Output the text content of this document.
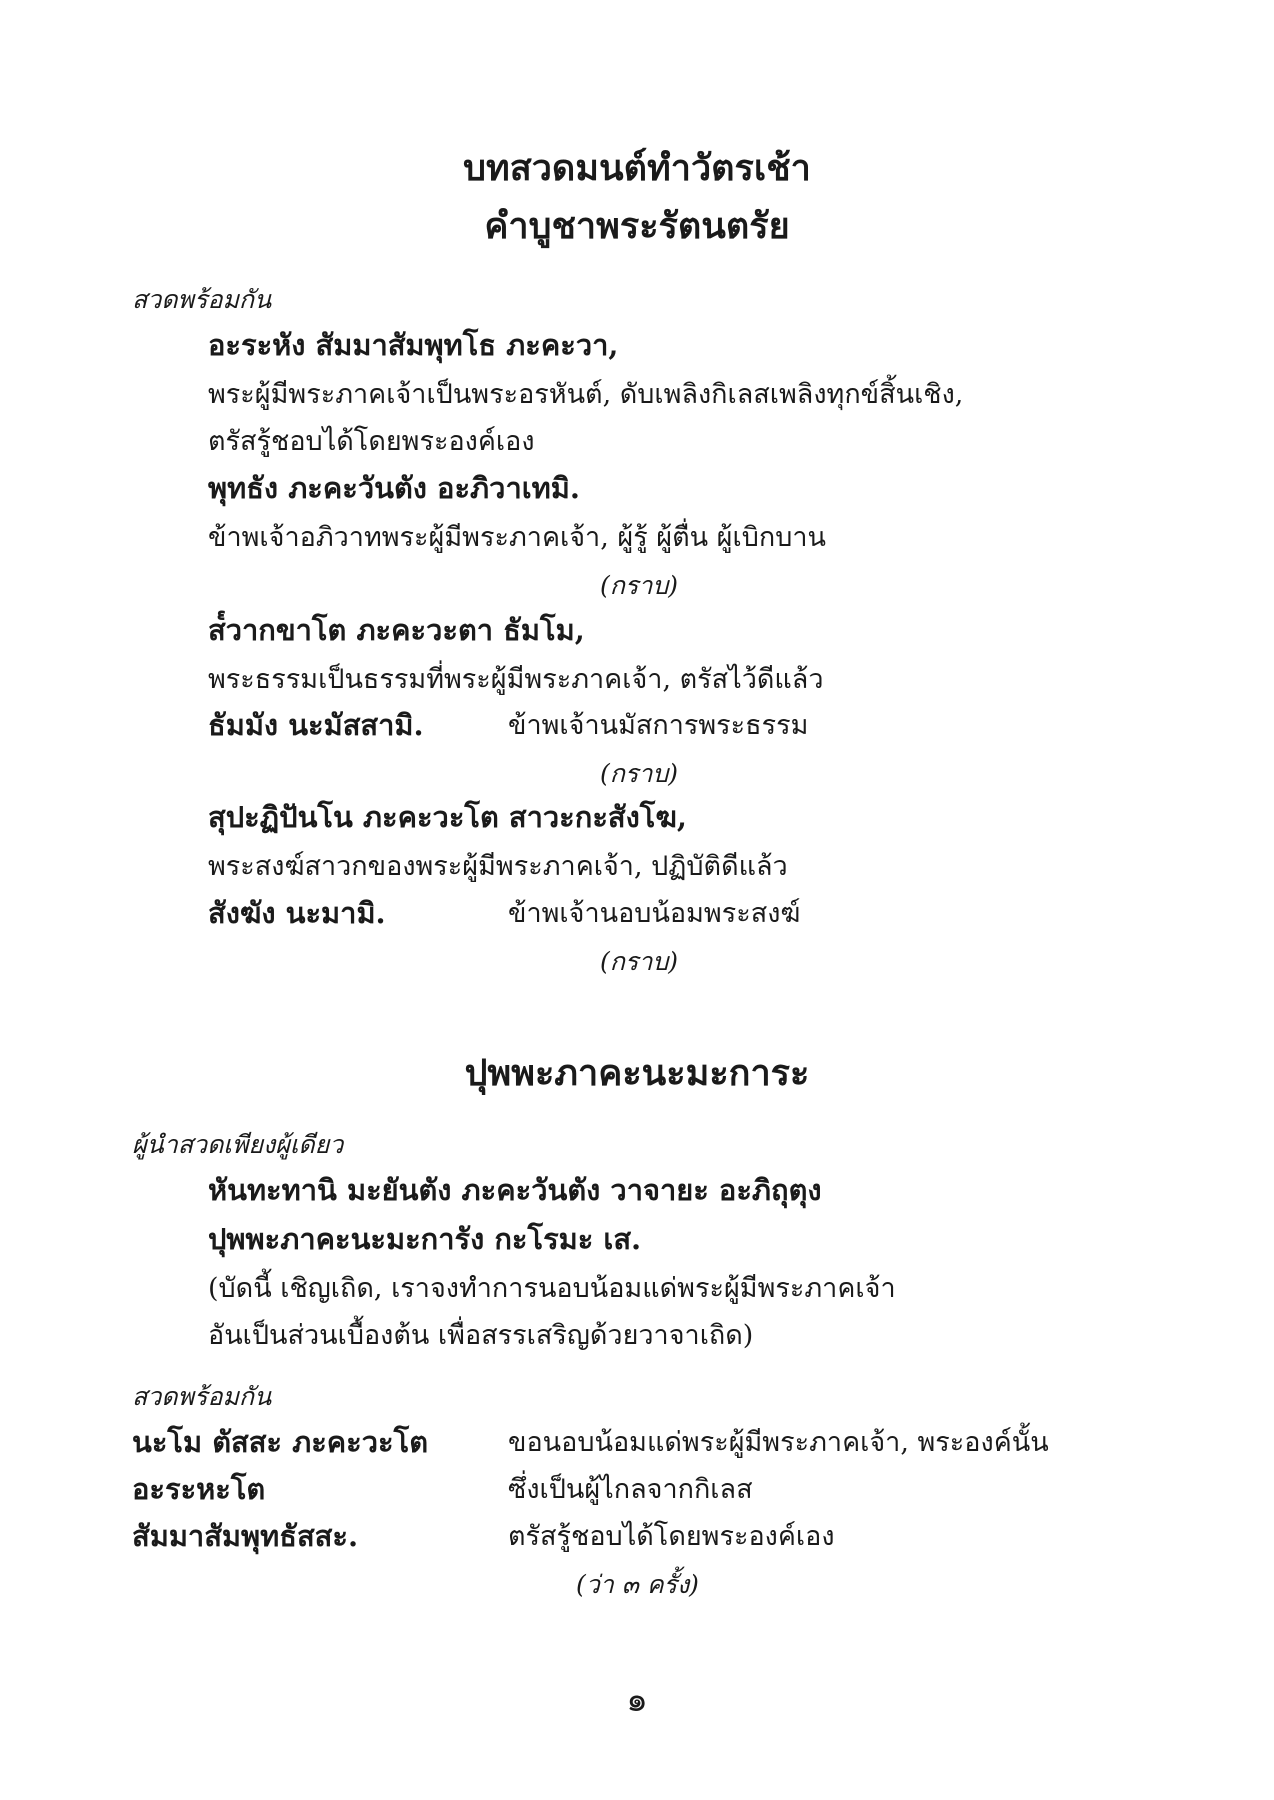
บทสวดมนต์ทำวัตรเช้า
คำบูชาพระรัตนตรัย
สวดพร้อมกัน
อะระหัง สัมมาสัมพุทโธ ภะคะวา,
พระผู้มีพระภาคเจ้าเป็นพระอรหันต์, ดับเพลิงกิเลสเพลิงทุกข์สิ้นเชิง,
ตรัสรู้ชอบได้โดยพระองค์เอง
พุทธัง ภะคะวันตัง อะภิวาเทมิ.
ข้าพเจ้าอภิวาทพระผู้มีพระภาคเจ้า, ผู้รู้ ผู้ตื่น ผู้เบิกบาน
(กราบ)
ส๎วากขาโต ภะคะวะตา ธัมโม,
พระธรรมเป็นธรรมที่พระผู้มีพระภาคเจ้า, ตรัสไว้ดีแล้ว
ธัมมัง นะมัสสามิ.	ข้าพเจ้านมัสการพระธรรม
(กราบ)
สุปะฏิปันโน ภะคะวะโต สาวะกะสังโฆ,
พระสงฆ์สาวกของพระผู้มีพระภาคเจ้า, ปฏิบัติดีแล้ว
สังฆัง นะมามิ.	ข้าพเจ้านอบน้อมพระสงฆ์
(กราบ)
ปุพพะภาคะนะมะการะ
ผู้นำสวดเพียงผู้เดียว
หันทะทานิ มะยันตัง ภะคะวันตัง วาจายะ อะภิถุตุง
ปุพพะภาคะนะมะการัง กะโรมะ เส.
(บัดนี้ เชิญเถิด, เราจงทำการนอบน้อมแด่พระผู้มีพระภาคเจ้า
อันเป็นส่วนเบื้องต้น เพื่อสรรเสริญด้วยวาจาเถิด)
สวดพร้อมกัน
นะโม ตัสสะ ภะคะวะโต	ขอนอบน้อมแด่พระผู้มีพระภาคเจ้า, พระองค์นั้น
อะระหะโต	ซึ่งเป็นผู้ไกลจากกิเลส
สัมมาสัมพุทธัสสะ.	ตรัสรู้ชอบได้โดยพระองค์เอง
(ว่า ๓ ครั้ง)
๑
